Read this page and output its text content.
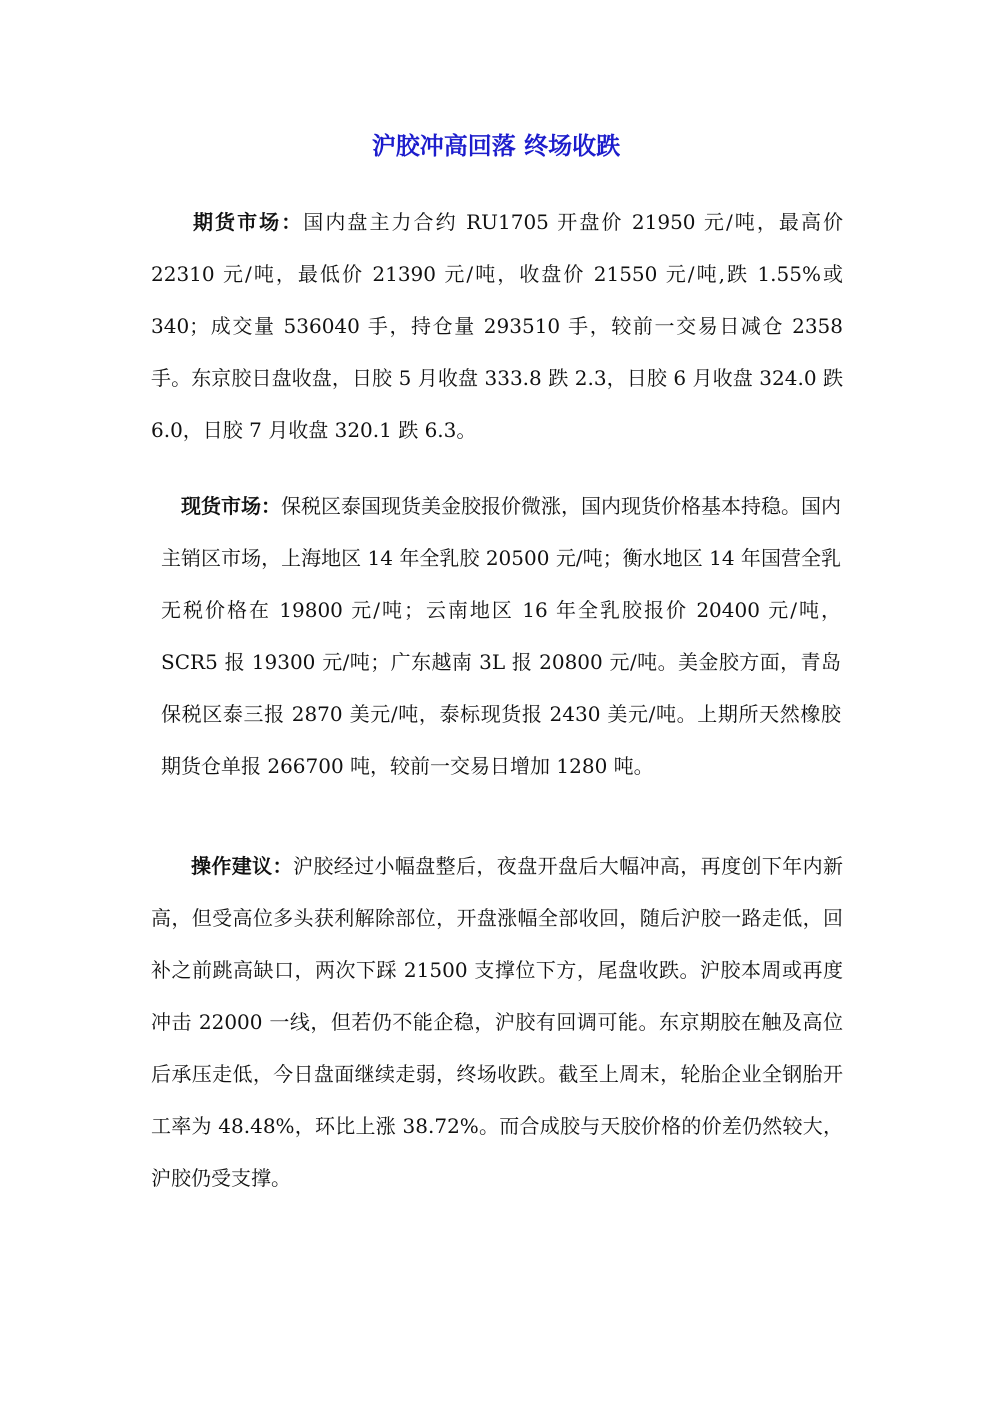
沪胶冲高回落 终场收跌

期货市场：国内盘主力合约 RU1705 开盘价 21950 元/吨，最高价 22310 元/吨，最低价 21390 元/吨，收盘价 21550 元/吨,跌 1.55%或 340；成交量 536040 手，持仓量 293510 手，较前一交易日减仓 2358 手。东京胶日盘收盘，日胶 5 月收盘 333.8 跌 2.3，日胶 6 月收盘 324.0 跌 6.0，日胶 7 月收盘 320.1 跌 6.3。

现货市场：保税区泰国现货美金胶报价微涨，国内现货价格基本持稳。国内主销区市场，上海地区 14 年全乳胶 20500 元/吨；衡水地区 14 年国营全乳无税价格在 19800 元/吨；云南地区 16 年全乳胶报价 20400 元/吨，SCR5 报 19300 元/吨；广东越南 3L 报 20800 元/吨。美金胶方面，青岛保税区泰三报 2870 美元/吨，泰标现货报 2430 美元/吨。上期所天然橡胶期货仓单报 266700 吨，较前一交易日增加 1280 吨。

操作建议：沪胶经过小幅盘整后，夜盘开盘后大幅冲高，再度创下年内新高，但受高位多头获利解除部位，开盘涨幅全部收回，随后沪胶一路走低，回补之前跳高缺口，两次下踩 21500 支撑位下方，尾盘收跌。沪胶本周或再度冲击 22000 一线，但若仍不能企稳，沪胶有回调可能。东京期胶在触及高位后承压走低，今日盘面继续走弱，终场收跌。截至上周末，轮胎企业全钢胎开工率为 48.48%，环比上涨 38.72%。而合成胶与天胶价格的价差仍然较大，沪胶仍受支撑。
